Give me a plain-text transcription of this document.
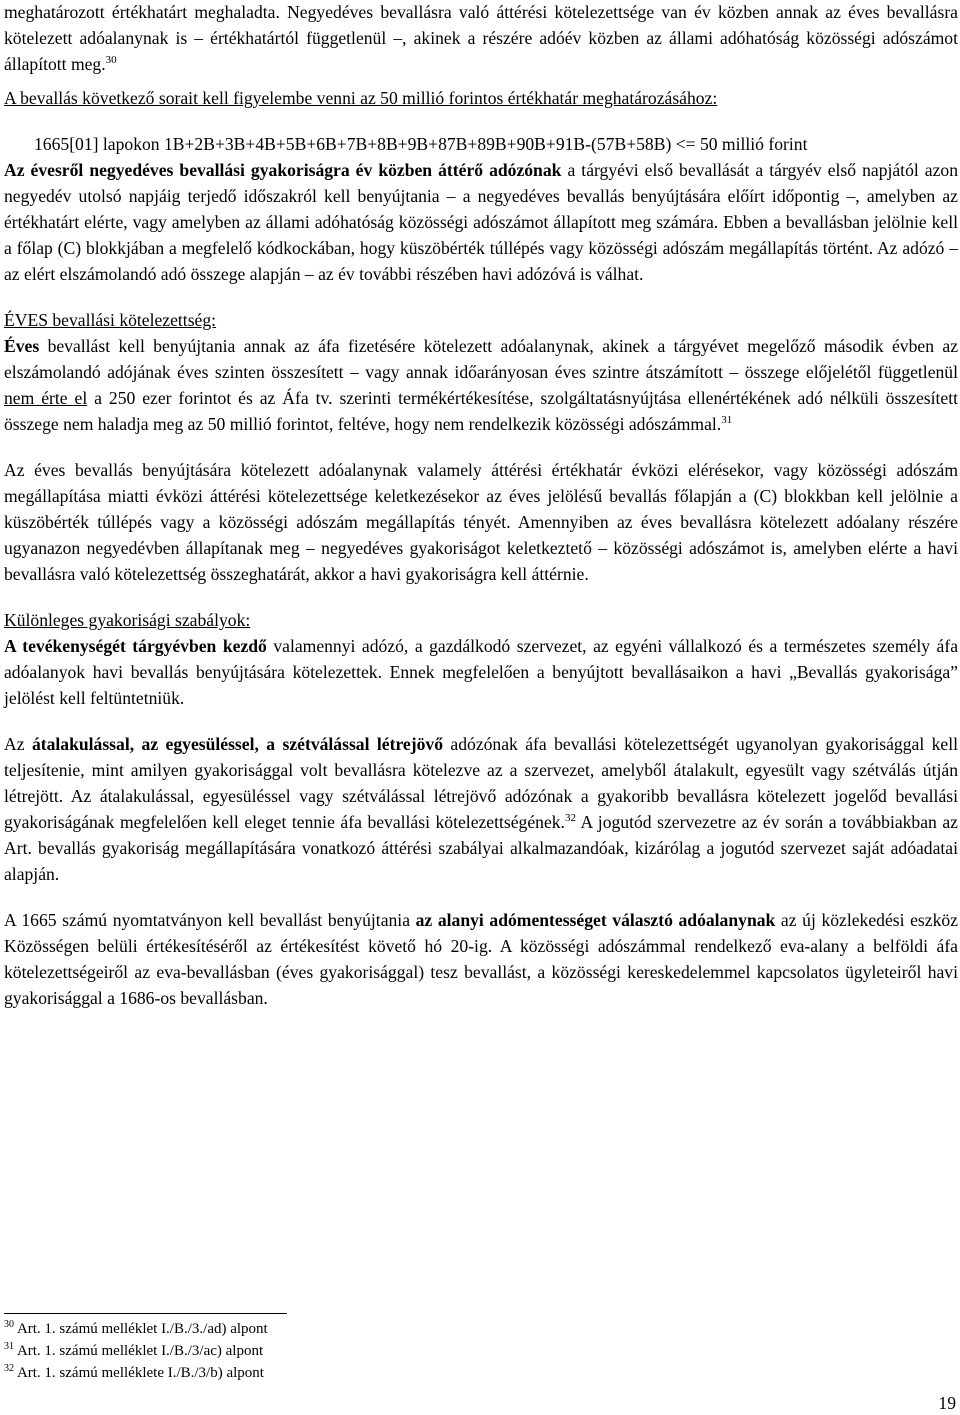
meghatározott értékhatárt meghaladta. Negyedéves bevallásra való áttérési kötelezettsége van év közben annak az éves bevallásra kötelezett adóalanynak is – értékhatártól függetlenül –, akinek a részére adóév közben az állami adóhatóság közösségi adószámot állapított meg.$^{30}$

A bevallás következő sorait kell figyelembe venni az 50 millió forintos értékhatár meghatározásához:

1665[01] lapokon 1B+2B+3B+4B+5B+6B+7B+8B+9B+87B+89B+90B+91B-(57B+58B) <= 50 millió forint

Az évesről negyedéves bevallási gyakoriságra év közben áttérő adózónak a tárgyévi első bevallását a tárgyév első napjától azon negyedév utolsó napjáig terjedő időszakról kell benyújtania – a negyedéves bevallás benyújtására előírt időpontig –, amelyben az értékhatárt elérte, vagy amelyben az állami adóhatóság közösségi adószámot állapított meg számára. Ebben a bevallásban jelölnie kell a főlap (C) blokkjában a megfelelő kódkockában, hogy küszöbérték túllépés vagy közösségi adószám megállapítás történt. Az adózó – az elért elszámolandó adó összege alapján – az év további részében havi adózóvá is válhat.

ÉVES bevallási kötelezettség:

Éves bevallást kell benyújtania annak az áfa fizetésére kötelezett adóalanynak, akinek a tárgyévet megelőző második évben az elszámolandó adójának éves szinten összesített – vagy annak időarányosan éves szintre átszámított – összege előjelétől függetlenül nem érte el a 250 ezer forintot és az Áfa tv. szerinti termékértékesítése, szolgáltatásnyújtása ellenértékének adó nélküli összesített összege nem haladja meg az 50 millió forintot, feltéve, hogy nem rendelkezik közösségi adószámmal.$^{31}$

Az éves bevallás benyújtására kötelezett adóalanynak valamely áttérési értékhatár évközi elérésekor, vagy közösségi adószám megállapítása miatti évközi áttérési kötelezettsége keletkezésekor az éves jelölésű bevallás főlapján a (C) blokkban kell jelölnie a küszöbérték túllépés vagy a közösségi adószám megállapítás tényét. Amennyiben az éves bevallásra kötelezett adóalany részére ugyanazon negyedévben állapítanak meg – negyedéves gyakoriságot keletkeztető – közösségi adószámot is, amelyben elérte a havi bevallásra való kötelezettség összeghatárát, akkor a havi gyakoriságra kell áttérnie.

Különleges gyakorisági szabályok:

A tevékenységét tárgyévben kezdő valamennyi adózó, a gazdálkodó szervezet, az egyéni vállalkozó és a természetes személy áfa adóalanyok havi bevallás benyújtására kötelezettek. Ennek megfelelően a benyújtott bevallásaikon a havi „Bevallás gyakorisága” jelölést kell feltüntetniük.

Az átalakulással, az egyesüléssel, a szétválással létrejövő adózónak áfa bevallási kötelezettségét ugyanolyan gyakorisággal kell teljesítenie, mint amilyen gyakorisággal volt bevallásra kötelezve az a szervezet, amelyből átalakult, egyesült vagy szétválás útján létrejött. Az átalakulással, egyesüléssel vagy szétválással létrejövő adózónak a gyakoribb bevallásra kötelezett jogelőd bevallási gyakoriságának megfelelően kell eleget tennie áfa bevallási kötelezettségének.$^{32}$ A jogutód szervezetre az év során a továbbiakban az Art. bevallás gyakoriság megállapítására vonatkozó áttérési szabályai alkalmazandóak, kizárólag a jogutód szervezet saját adóadatai alapján.

A 1665 számú nyomtatványon kell bevallást benyújtania az alanyi adómentességet választó adóalanynak az új közlekedési eszköz Közösségen belüli értékesítéséről az értékesítést követő hó 20-ig. A közösségi adószámmal rendelkező eva-alany a belföldi áfa kötelezettségeiről az eva-bevallásban (éves gyakorisággal) tesz bevallást, a közösségi kereskedelemmel kapcsolatos ügyleteiről havi gyakorisággal a 1686-os bevallásban.

$^{30}$ Art. 1. számú melléklet I./B./3./ad) alpont

$^{31}$ Art. 1. számú melléklet I./B./3/ac) alpont

$^{32}$ Art. 1. számú melléklete I./B./3/b) alpont

19
